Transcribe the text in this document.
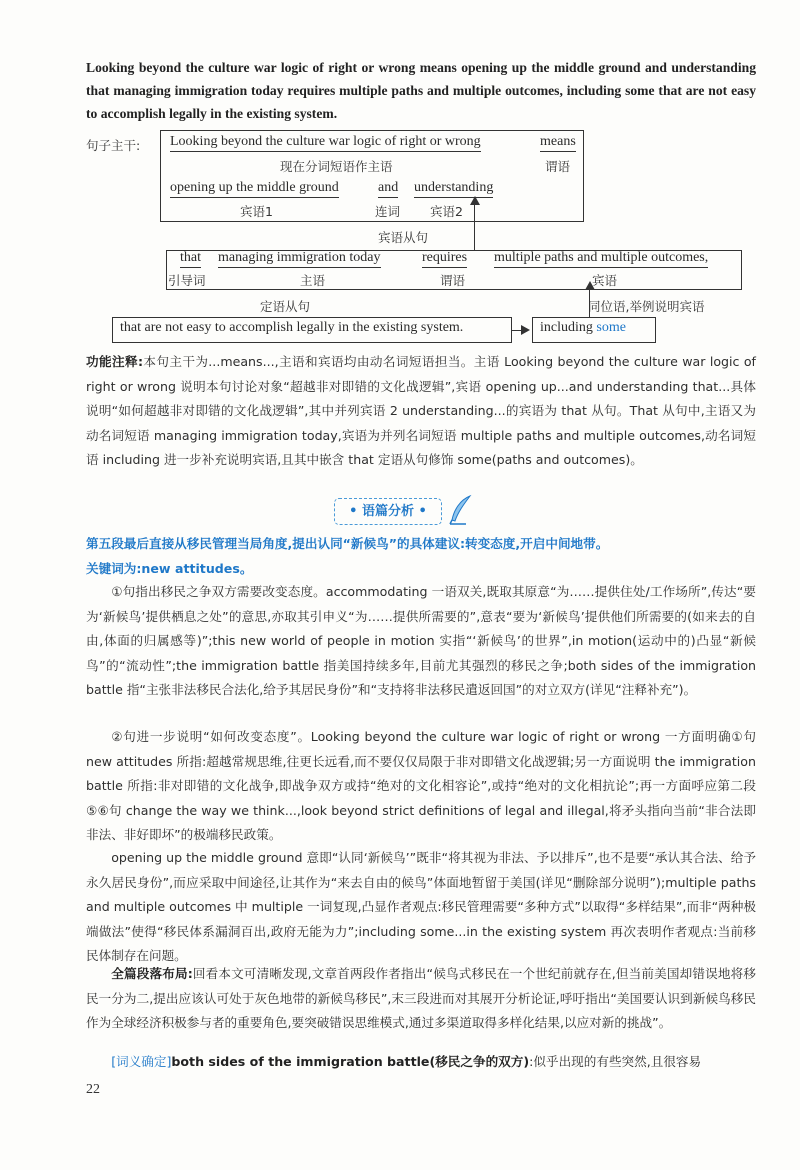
Looking beyond the culture war logic of right or wrong means opening up the middle ground and understanding that managing immigration today requires multiple paths and multiple outcomes, including some that are not easy to accomplish legally in the existing system.
句子主干: Looking beyond the culture war logic of right or wrong
现在分词短语作主语
means
谓语
opening up the middle ground
宾语1
and
连词
understanding
宾语2
宾语从句
that
引导词
managing immigration today
主语
requires
谓语
multiple paths and multiple outcomes,
宾语
同位语,举例说明宾语
定语从句
that are not easy to accomplish legally in the existing system.	including some
功能注释:本句主干为...means...,主语和宾语均由动名词短语担当。主语 Looking beyond the culture war logic of right or wrong 说明本句讨论对象“超越非对即错的文化战逻辑”,宾语 opening up...and understanding that...具体说明“如何超越非对即错的文化战逻辑”,其中并列宾语 2 understanding...的宾语为 that 从句。That 从句中,主语又为动名词短语 managing immigration today,宾语为并列名词短语 multiple paths and multiple outcomes,动名词短语 including 进一步补充说明宾语,且其中嵌含 that 定语从句修饰 some(paths and outcomes)。
• 语篇分析 •
第五段最后直接从移民管理当局角度,提出认同“新候鸟”的具体建议:转变态度,开启中间地带。
关键词为:new attitudes。
①句指出移民之争双方需要改变态度。accommodating 一语双关,既取其原意“为……提供住处/工作场所”,传达“要为‘新候鸟’提供栖息之处”的意思,亦取其引申义“为……提供所需要的”,意表“要为‘新候鸟’提供他们所需要的(如来去的自由,体面的归属感等)”;this new world of people in motion 实指“‘新候鸟’的世界”,in motion(运动中的)凸显“新候鸟”的“流动性”;the immigration battle 指美国持续多年,目前尤其强烈的移民之争;both sides of the immigration battle 指“主张非法移民合法化,给予其居民身份”和“支持将非法移民遣返回国”的对立双方(详见“注释补充”)。
②句进一步说明“如何改变态度”。Looking beyond the culture war logic of right or wrong 一方面明确①句 new attitudes 所指:超越常规思维,往更长远看,而不要仅仅局限于非对即错文化战逻辑;另一方面说明 the immigration battle 所指:非对即错的文化战争,即战争双方或持“绝对的文化相容论”,或持“绝对的文化相抗论”;再一方面呼应第二段⑤⑥句 change the way we think...,look beyond strict definitions of legal and illegal,将矛头指向当前“非合法即非法、非好即坏”的极端移民政策。
opening up the middle ground 意即“认同‘新候鸟’”既非“将其视为非法、予以排斥”,也不是要“承认其合法、给予永久居民身份”,而应采取中间途径,让其作为“来去自由的候鸟”体面地暂留于美国(详见“删除部分说明”);multiple paths and multiple outcomes 中 multiple 一词复现,凸显作者观点:移民管理需要“多种方式”以取得“多样结果”,而非“两种极端做法”使得“移民体系漏洞百出,政府无能为力”;including some...in the existing system 再次表明作者观点:当前移民体制存在问题。
全篇段落布局:回看本文可清晰发现,文章首两段作者指出“候鸟式移民在一个世纪前就存在,但当前美国却错误地将移民一分为二,提出应该认可处于灰色地带的新候鸟移民”,末三段进而对其展开分析论证,呼吁指出“美国要认识到新候鸟移民作为全球经济积极参与者的重要角色,要突破错误思维模式,通过多渠道取得多样化结果,以应对新的挑战”。
[词义确定]both sides of the immigration battle(移民之争的双方):似乎出现的有些突然,且很容易
22
